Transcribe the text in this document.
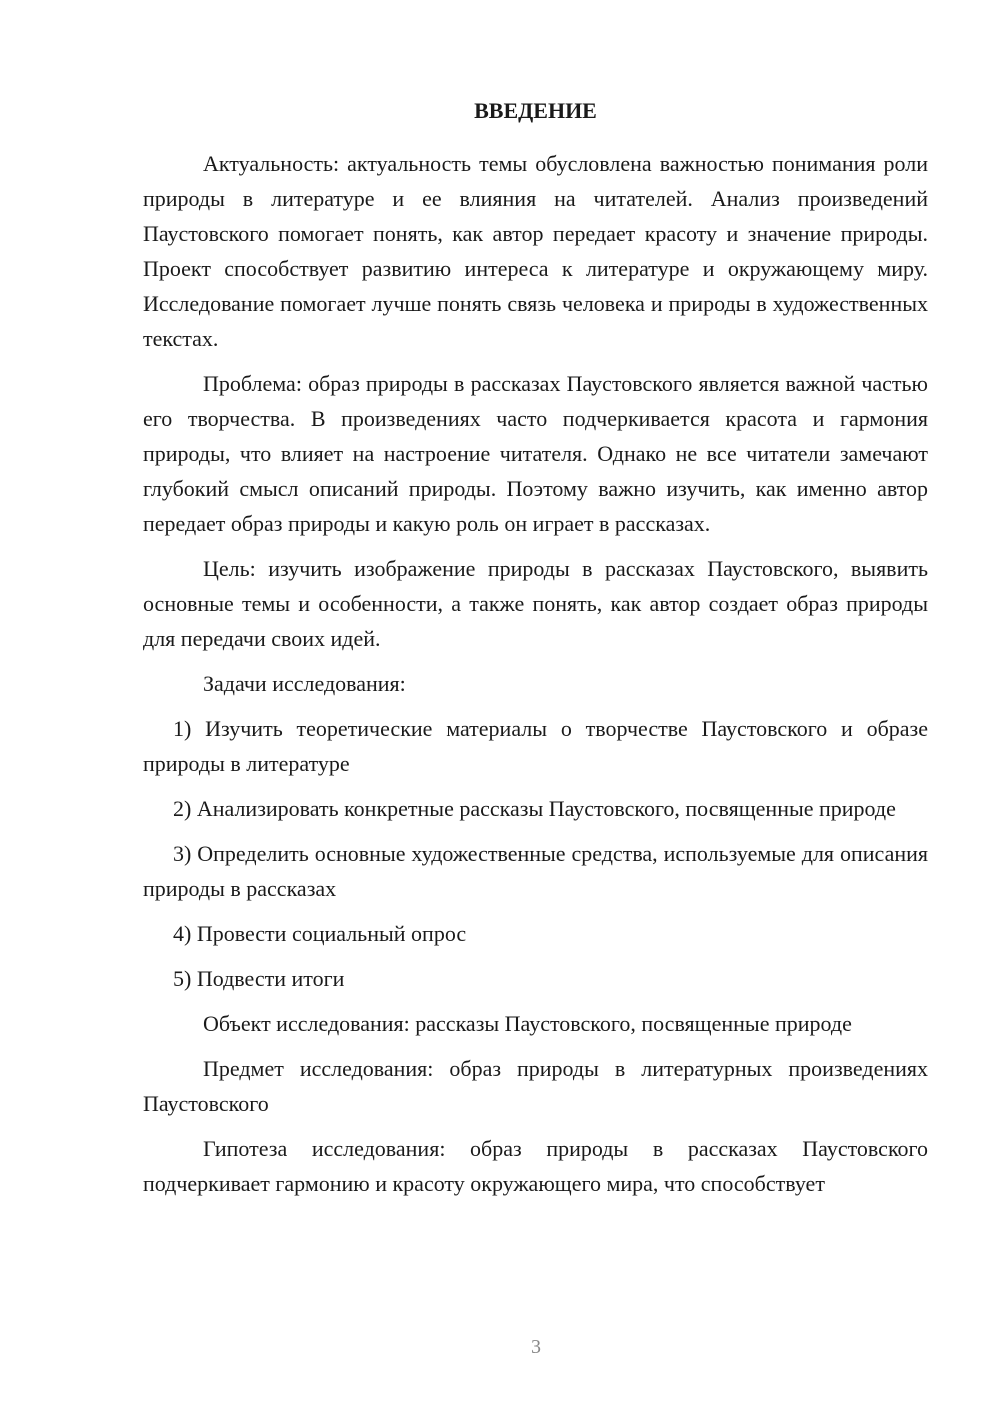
ВВЕДЕНИЕ

Актуальность: актуальность темы обусловлена важностью понимания роли природы в литературе и ее влияния на читателей. Анализ произведений Паустовского помогает понять, как автор передает красоту и значение природы. Проект способствует развитию интереса к литературе и окружающему миру. Исследование помогает лучше понять связь человека и природы в художественных текстах.

Проблема: образ природы в рассказах Паустовского является важной частью его творчества. В произведениях часто подчеркивается красота и гармония природы, что влияет на настроение читателя. Однако не все читатели замечают глубокий смысл описаний природы. Поэтому важно изучить, как именно автор передает образ природы и какую роль он играет в рассказах.

Цель: изучить изображение природы в рассказах Паустовского, выявить основные темы и особенности, а также понять, как автор создает образ природы для передачи своих идей.

Задачи исследования:

1) Изучить теоретические материалы о творчестве Паустовского и образе природы в литературе

2) Анализировать конкретные рассказы Паустовского, посвященные природе

3) Определить основные художественные средства, используемые для описания природы в рассказах

4) Провести социальный опрос

5) Подвести итоги

Объект исследования: рассказы Паустовского, посвященные природе

Предмет исследования: образ природы в литературных произведениях Паустовского

Гипотеза исследования: образ природы в рассказах Паустовского подчеркивает гармонию и красоту окружающего мира, что способствует

3
